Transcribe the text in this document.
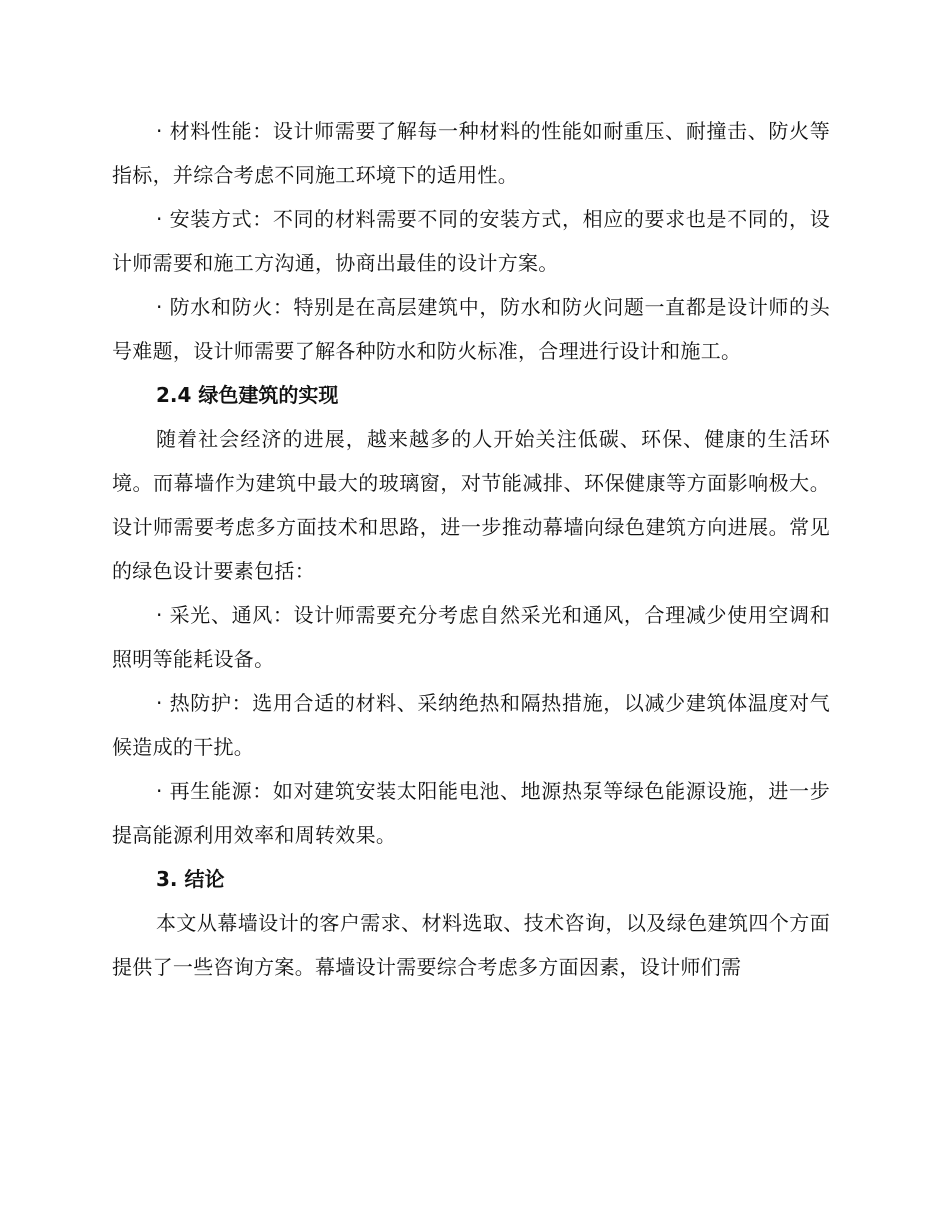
· 材料性能：设计师需要了解每一种材料的性能如耐重压、耐撞击、防火等指标，并综合考虑不同施工环境下的适用性。

· 安装方式：不同的材料需要不同的安装方式，相应的要求也是不同的，设计师需要和施工方沟通，协商出最佳的设计方案。

· 防水和防火：特别是在高层建筑中，防水和防火问题一直都是设计师的头号难题，设计师需要了解各种防水和防火标准，合理进行设计和施工。

2.4 绿色建筑的实现

随着社会经济的进展，越来越多的人开始关注低碳、环保、健康的生活环境。而幕墙作为建筑中最大的玻璃窗，对节能减排、环保健康等方面影响极大。设计师需要考虑多方面技术和思路，进一步推动幕墙向绿色建筑方向进展。常见的绿色设计要素包括：

· 采光、通风：设计师需要充分考虑自然采光和通风，合理减少使用空调和照明等能耗设备。

· 热防护：选用合适的材料、采纳绝热和隔热措施，以减少建筑体温度对气候造成的干扰。

· 再生能源：如对建筑安装太阳能电池、地源热泵等绿色能源设施，进一步提高能源利用效率和周转效果。

3. 结论

本文从幕墙设计的客户需求、材料选取、技术咨询，以及绿色建筑四个方面提供了一些咨询方案。幕墙设计需要综合考虑多方面因素，设计师们需
